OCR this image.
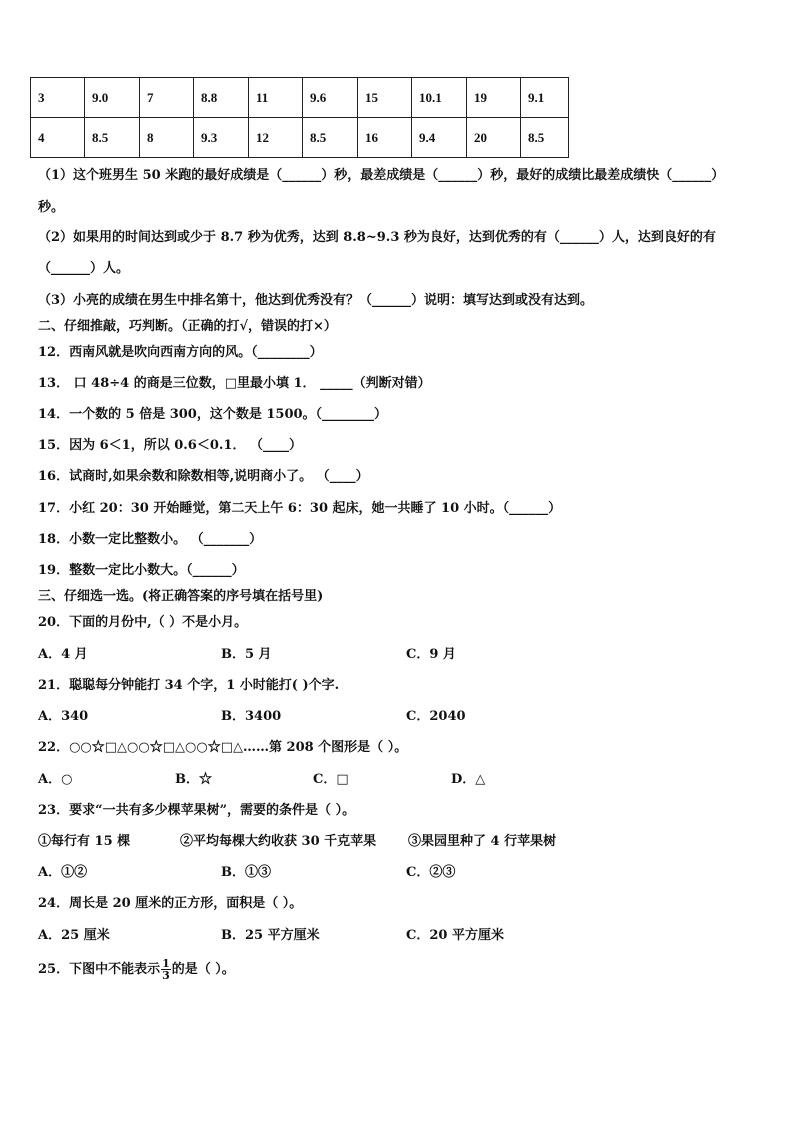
3	9.0	7	8.8	11	9.6	15	10.1	19	9.1
4	8.5	8	9.3	12	8.5	16	9.4	20	8.5
（1）这个班男生 50 米跑的最好成绩是（______）秒，最差成绩是（______）秒，最好的成绩比最差成绩快（______）
秒。
（2）如果用的时间达到或少于 8.7 秒为优秀，达到 8.8~9.3 秒为良好，达到优秀的有（______）人，达到良好的有
（______）人。
（3）小亮的成绩在男生中排名第十，他达到优秀没有？（______）说明：填写达到或没有达到。
二、仔细推敲，巧判断。（正确的打√，错误的打×）
12．西南风就是吹向西南方向的风。（________）
13． 口 48÷4 的商是三位数，□里最小填 1． _____（判断对错）
14．一个数的 5 倍是 300，这个数是 1500。（________）
15．因为 6＜1，所以 0.6＜0.1． （____）
16．试商时,如果余数和除数相等,说明商小了。 （____）
17．小红 20：30 开始睡觉，第二天上午 6：30 起床，她一共睡了 10 小时。（______）
18．小数一定比整数小。 （_______）
19．整数一定比小数大。（______）
三、仔细选一选。(将正确答案的序号填在括号里)
20．下面的月份中,（ ）不是小月。
A．4 月	B．5 月	C．9 月
21．聪聪每分钟能打 34 个字，1 小时能打( )个字.
A．340	B．3400	C．2040
22．○○☆□△○○☆□△○○☆□△……第 208 个图形是（ ）。
A．○	B．☆	C．□	D．△
23．要求“一共有多少棵苹果树”，需要的条件是（ ）。
①每行有 15 棵	②平均每棵大约收获 30 千克苹果 ③果园里种了 4 行苹果树
A．①②	B．①③	C．②③
24．周长是 20 厘米的正方形，面积是（ ）。
A．25 厘米	B．25 平方厘米	C．20 平方厘米
25．下图中不能表示 $\frac{1}{3}$ 的是（ ）。
